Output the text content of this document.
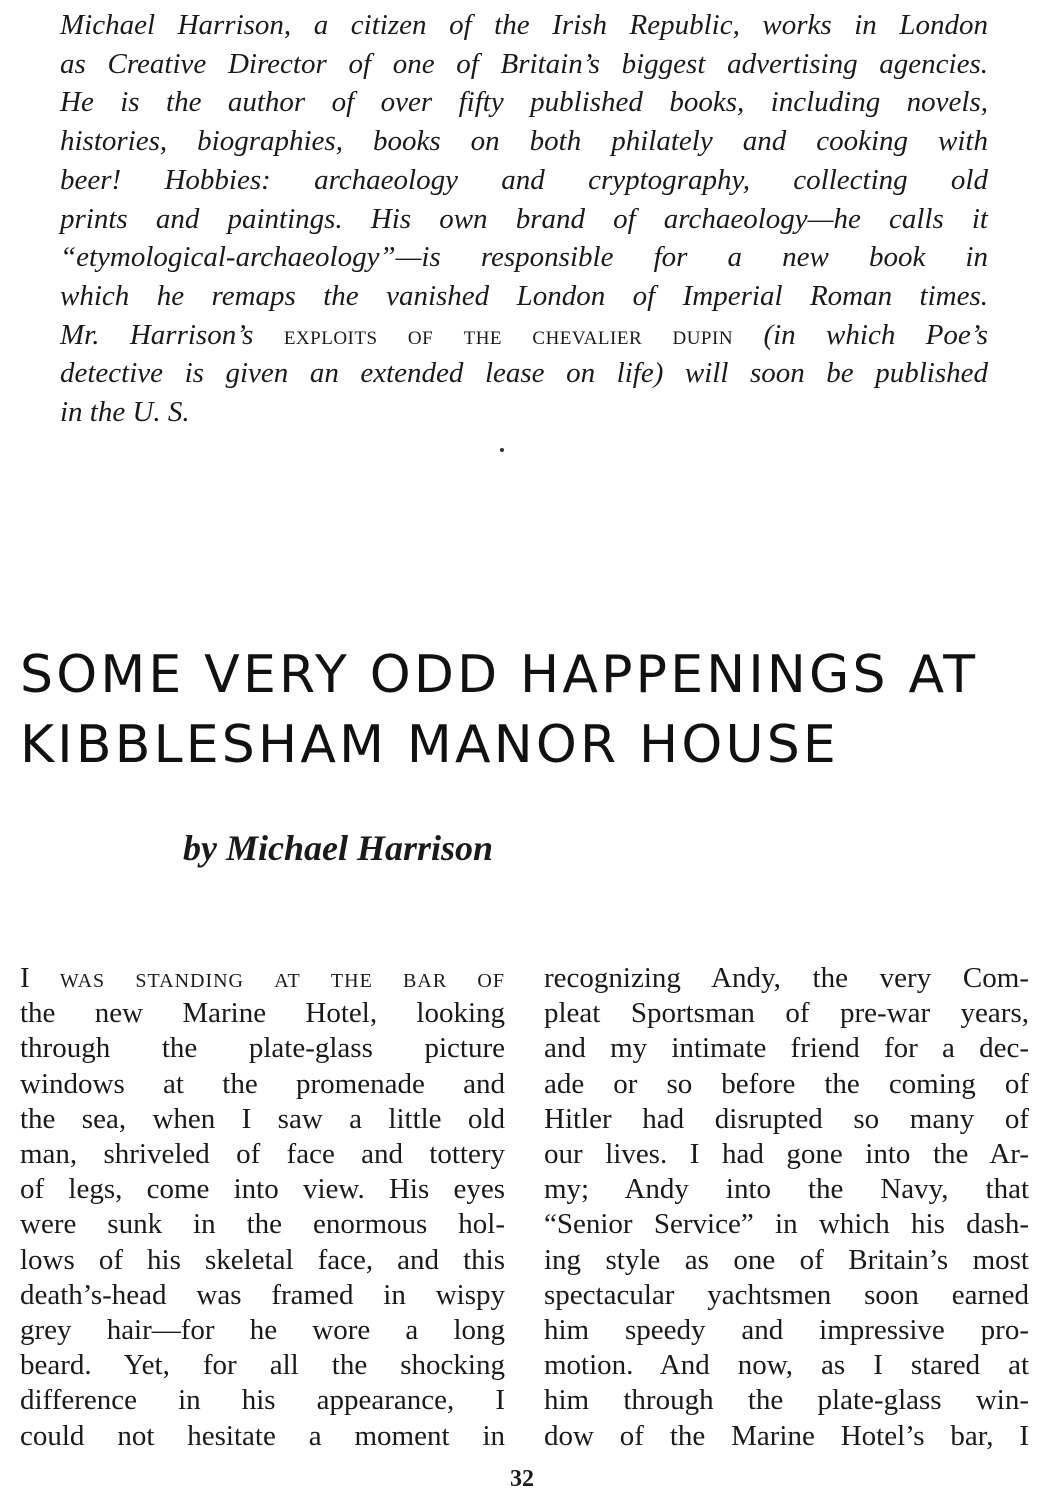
Michael Harrison, a citizen of the Irish Republic, works in London
as Creative Director of one of Britain’s biggest advertising agencies.
He is the author of over fifty published books, including novels,
histories, biographies, books on both philately and cooking with
beer! Hobbies: archaeology and cryptography, collecting old
prints and paintings. His own brand of archaeology—he calls it
“etymological-archaeology”—is responsible for a new book in
which he remaps the vanished London of Imperial Roman times.
Mr. Harrison’s exploits of the chevalier dupin (in which Poe’s
detective is given an extended lease on life) will soon be published
in the U. S.
SOME VERY ODD HAPPENINGS AT
KIBBLESHAM MANOR HOUSE

by Michael Harrison

I was standing at the bar of
the new Marine Hotel, looking
through the plate-glass picture
windows at the promenade and
the sea, when I saw a little old
man, shriveled of face and tottery
of legs, come into view. His eyes
were sunk in the enormous hol-
lows of his skeletal face, and this
death’s-head was framed in wispy
grey hair—for he wore a long
beard. Yet, for all the shocking
difference in his appearance, I
could not hesitate a moment in
recognizing Andy, the very Com-
pleat Sportsman of pre-war years,
and my intimate friend for a dec-
ade or so before the coming of
Hitler had disrupted so many of
our lives. I had gone into the Ar-
my; Andy into the Navy, that
“Senior Service” in which his dash-
ing style as one of Britain’s most
spectacular yachtsmen soon earned
him speedy and impressive pro-
motion. And now, as I stared at
him through the plate-glass win-
dow of the Marine Hotel’s bar, I
32
